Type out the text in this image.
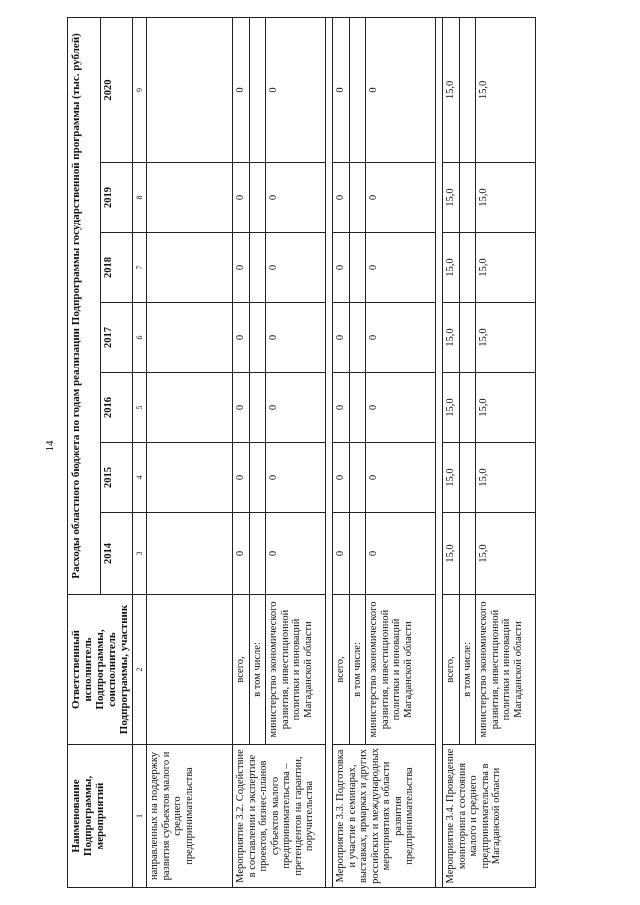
14
Наименование Подпрограммы, мероприятий	Ответственный исполнитель Подпрограммы, соисполнитель Подпрограммы, участник	Расходы областного бюджета по годам реализации Подпрограммы государственной программы (тыс. рублей)						
		2014	2015	2016	2017	2018	2019	2020
1	2	3	4	5	6	7	8	9
направленных на поддержку развития субъектов малого и среднего предпринимательства								
Мероприятие 3.2. Содействие в составлении и экспертизе проектов, бизнес-планов субъектов малого предпринимательства – претендентов на гарантии, поручительства	всего,	0	0	0	0	0	0	0
	в том числе:							
	министерство экономического развития, инвестиционной политики и инноваций Магаданской области	0	0	0	0	0	0	0

Мероприятие 3.3. Подготовка и участие в семинарах, выставках, ярмарках и других российских и международных мероприятиях в области развития предпринимательства	всего,	0	0	0	0	0	0	0
	в том числе:							
	министерство экономического развития, инвестиционной политики и инноваций Магаданской области	0	0	0	0	0	0	0

Мероприятие 3.4. Проведение мониторинга состояния малого и среднего предпринимательства в Магаданской области	всего,	15,0	15,0	15,0	15,0	15,0	15,0	15,0
	в том числе:							
	министерство экономического развития, инвестиционной политики и инноваций Магаданской области	15,0	15,0	15,0	15,0	15,0	15,0	15,0
